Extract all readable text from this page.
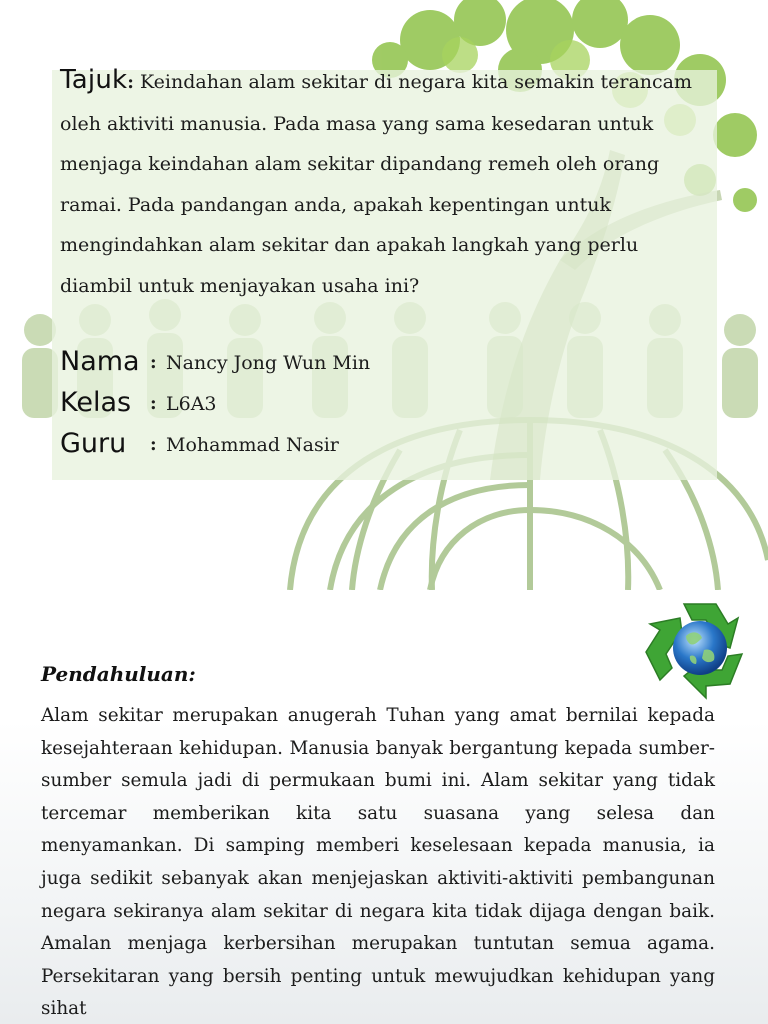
Tajuk: Keindahan alam sekitar di negara kita semakin terancam oleh aktiviti manusia. Pada masa yang sama kesedaran untuk menjaga keindahan alam sekitar dipandang remeh oleh orang ramai. Pada pandangan anda, apakah kepentingan untuk mengindahkan alam sekitar dan apakah langkah yang perlu diambil untuk menjayakan usaha ini?
Nama : Nancy Jong Wun Min
Kelas : L6A3
Guru : Mohammad Nasir
Pendahuluan:

Alam sekitar merupakan anugerah Tuhan yang amat bernilai kepada kesejahteraan kehidupan. Manusia banyak bergantung kepada sumber-sumber semula jadi di permukaan bumi ini. Alam sekitar yang tidak tercemar memberikan kita satu suasana yang selesa dan menyamankan. Di samping memberi keselesaan kepada manusia, ia juga sedikit sebanyak akan menjejaskan aktiviti-aktiviti pembangunan negara sekiranya alam sekitar di negara kita tidak dijaga dengan baik. Amalan menjaga kerbersihan merupakan tuntutan semua agama. Persekitaran yang bersih penting untuk mewujudkan kehidupan yang sihat
